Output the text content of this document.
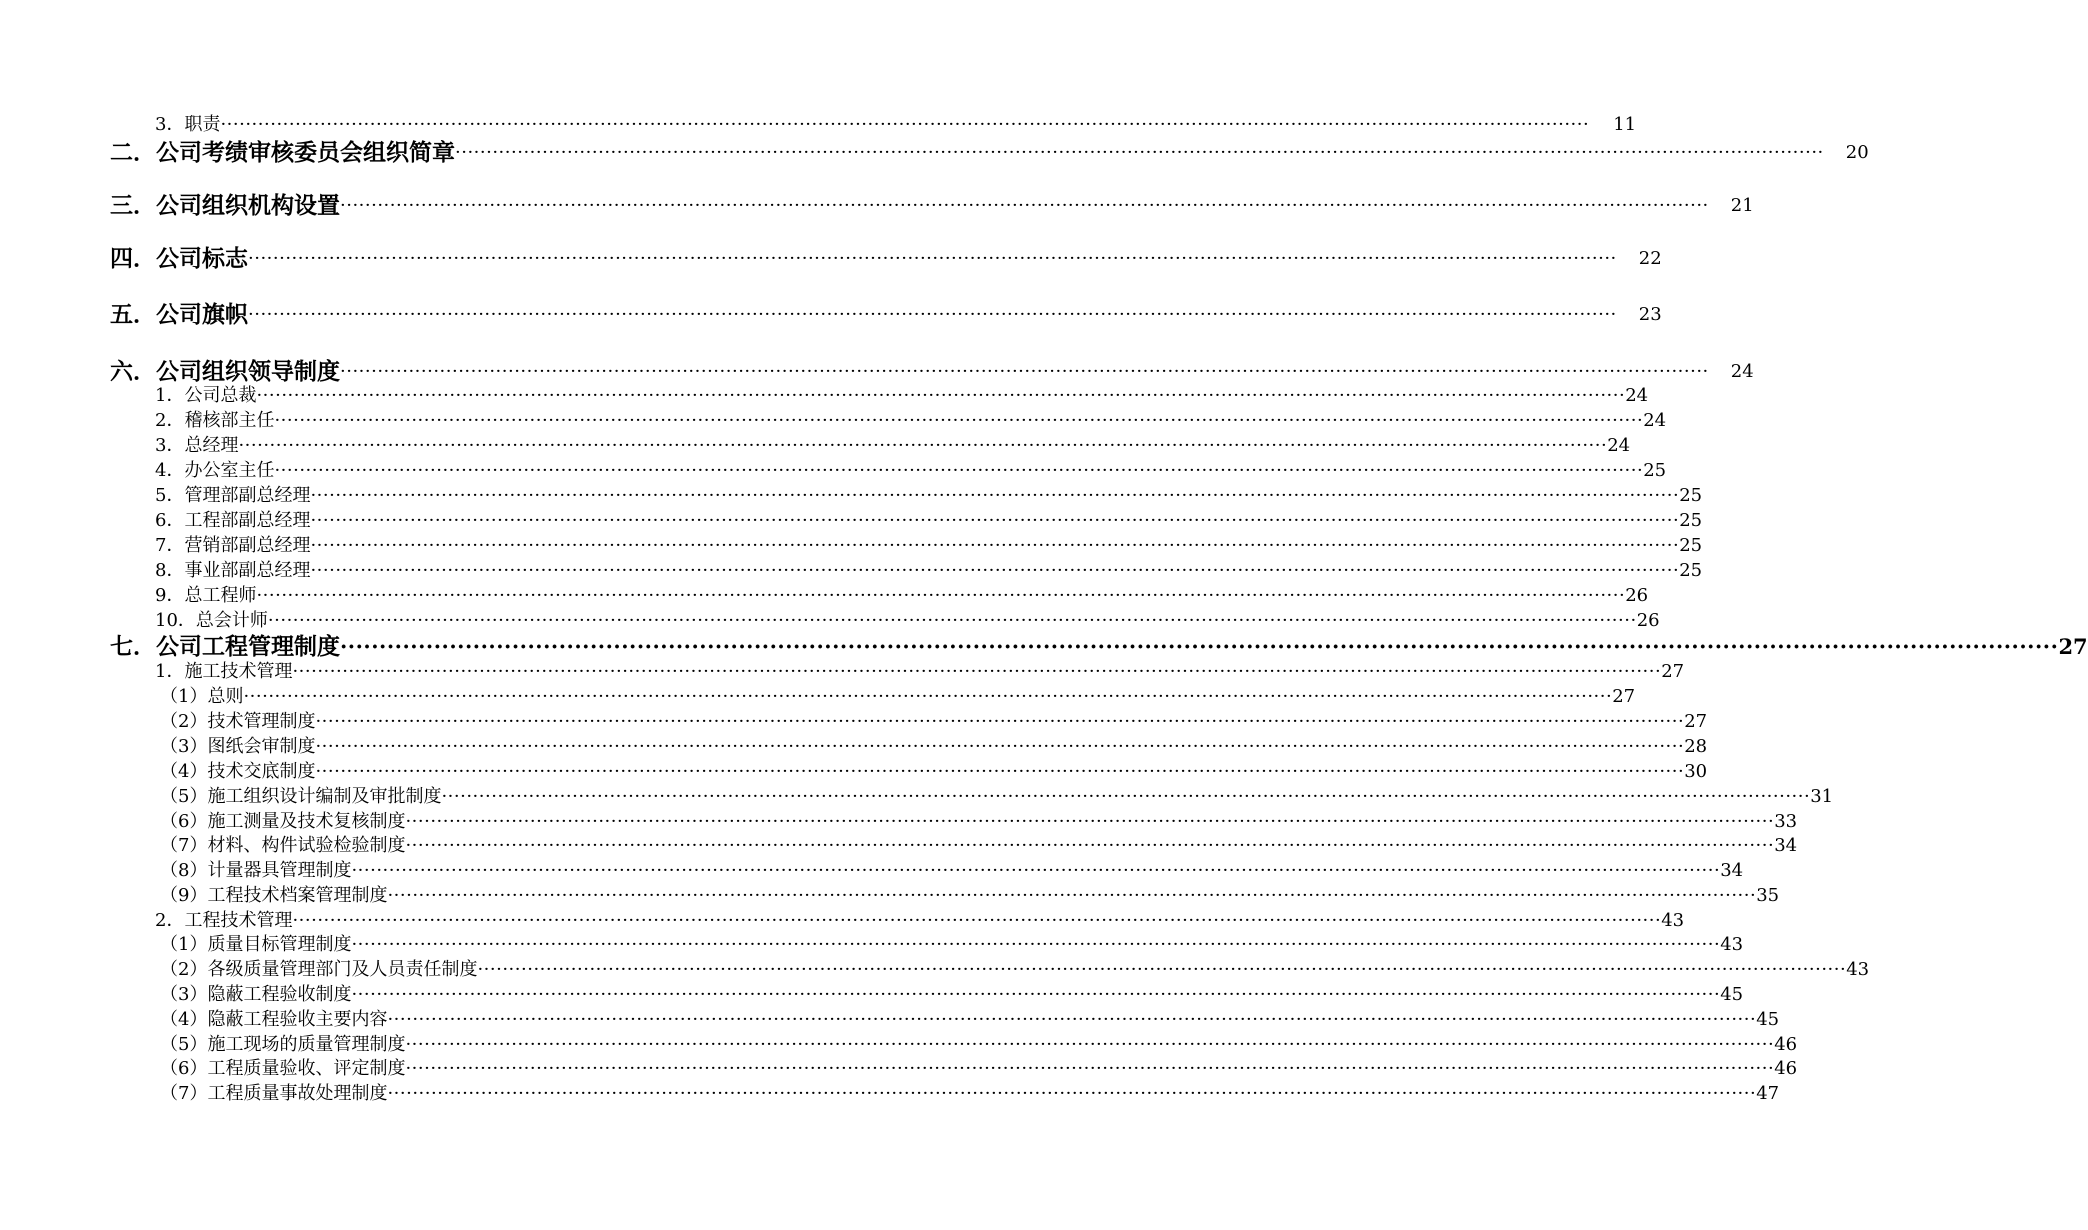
3．职责 ····························································································································································································································	11
二．公司考绩审核委员会组织简章 ····························································································································································································································	20
三．公司组织机构设置 ····························································································································································································································	21
四．公司标志 ····························································································································································································································	22
五．公司旗帜 ····························································································································································································································	23
六．公司组织领导制度 ····························································································································································································································	24
1．公司总裁 ···························································································································································································································· 24
2．稽核部主任 ···························································································································································································································· 24
3．总经理 ···························································································································································································································· 24
4．办公室主任 ···························································································································································································································· 25
5．管理部副总经理 ···························································································································································································································· 25
6．工程部副总经理 ···························································································································································································································· 25
7．营销部副总经理 ···························································································································································································································· 25
8．事业部副总经理 ···························································································································································································································· 25
9．总工程师 ···························································································································································································································· 26
10．总会计师 ···························································································································································································································· 26
七．公司工程管理制度 ···························································································································································································································· 27
1．施工技术管理 ···························································································································································································································· 27
（1）总则 ···························································································································································································································· 27
（2）技术管理制度 ···························································································································································································································· 27
（3）图纸会审制度 ···························································································································································································································· 28
（4）技术交底制度 ···························································································································································································································· 30
（5）施工组织设计编制及审批制度 ···························································································································································································································· 31
（6）施工测量及技术复核制度 ···························································································································································································································· 33
（7）材料、构件试验检验制度 ···························································································································································································································· 34
（8）计量器具管理制度 ···························································································································································································································· 34
（9）工程技术档案管理制度 ···························································································································································································································· 35
2．工程技术管理 ···························································································································································································································· 43
（1）质量目标管理制度 ···························································································································································································································· 43
（2）各级质量管理部门及人员责任制度 ···························································································································································································································· 43
（3）隐蔽工程验收制度 ···························································································································································································································· 45
（4）隐蔽工程验收主要内容 ···························································································································································································································· 45
（5）施工现场的质量管理制度 ···························································································································································································································· 46
（6）工程质量验收、评定制度 ···························································································································································································································· 46
（7）工程质量事故处理制度 ···························································································································································································································· 47
